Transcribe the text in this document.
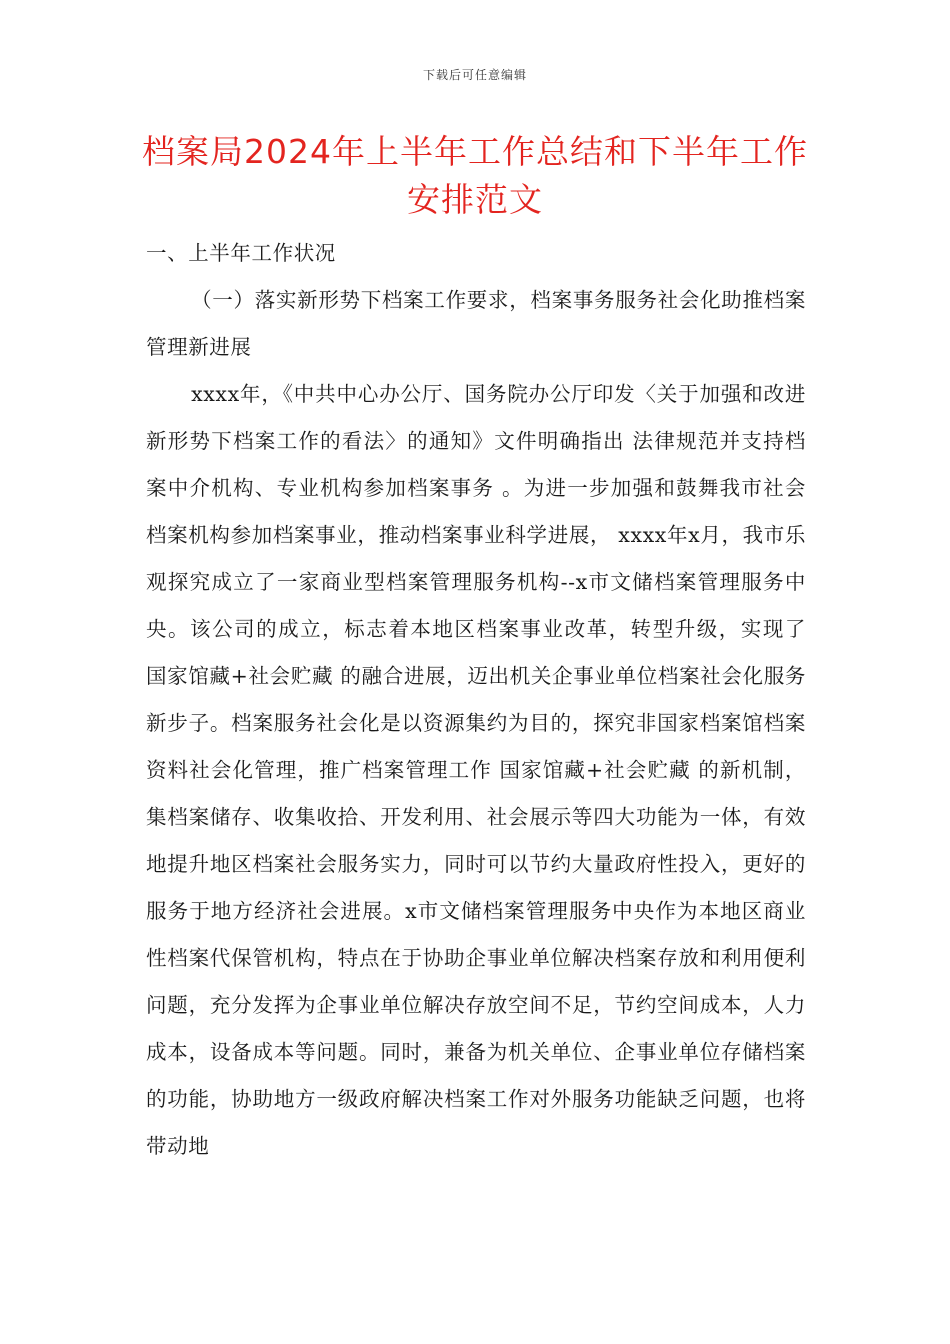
下载后可任意编辑
档案局2024年上半年工作总结和下半年工作安排范文

一、上半年工作状况

（一）落实新形势下档案工作要求，档案事务服务社会化助推档案管理新进展

xxxx年，《中共中心办公厅、国务院办公厅印发〈关于加强和改进新形势下档案工作的看法〉的通知》文件明确指出 法律规范并支持档案中介机构、专业机构参加档案事务 。为进一步加强和鼓舞我市社会档案机构参加档案事业，推动档案事业科学进展， xxxx年x月，我市乐观探究成立了一家商业型档案管理服务机构--x市文储档案管理服务中央。该公司的成立，标志着本地区档案事业改革，转型升级，实现了 国家馆藏+社会贮藏 的融合进展，迈出机关企事业单位档案社会化服务新步子。档案服务社会化是以资源集约为目的，探究非国家档案馆档案资料社会化管理，推广档案管理工作 国家馆藏+社会贮藏 的新机制，集档案储存、收集收拾、开发利用、社会展示等四大功能为一体，有效地提升地区档案社会服务实力，同时可以节约大量政府性投入，更好的服务于地方经济社会进展。x市文储档案管理服务中央作为本地区商业性档案代保管机构，特点在于协助企事业单位解决档案存放和利用便利问题，充分发挥为企事业单位解决存放空间不足，节约空间成本，人力成本，设备成本等问题。同时，兼备为机关单位、企事业单位存储档案的功能，协助地方一级政府解决档案工作对外服务功能缺乏问题，也将带动地
